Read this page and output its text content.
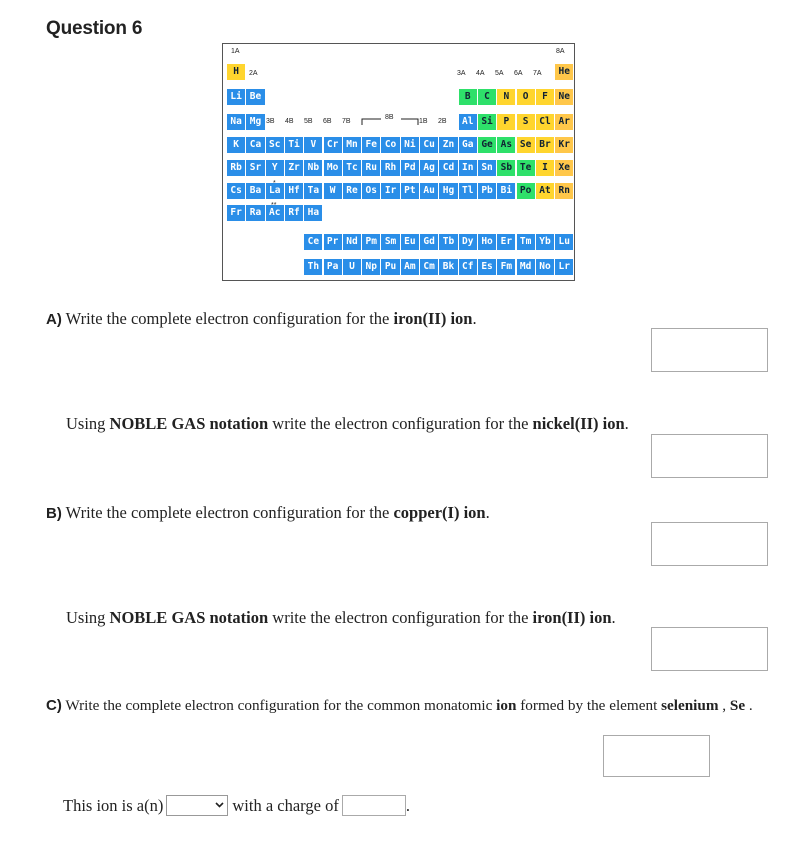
Question 6
H	He
Li Be	B	C	N	O	F	Ne
Na Mg	Al Si	P	S	Cl Ar
K	Ca Sc Ti	V	Cr Mn Fe Co Ni Cu Zn Ga Ge As Se Br Kr
Rb Sr	Y	Zr Nb Mo Tc Ru Rh Pd Ag Cd In Sn Sb Te	I	Xe
Cs Ba La Hf Ta	W	Re Os Ir Pt Au Hg Tl Pb Bi Po At Rn
Fr Ra Ac Rf Ha
Ce Pr Nd Pm Sm Eu Gd Tb Dy Ho Er Tm Yb Lu
Th Pa	U	Np Pu Am Cm Bk Cf Es Fm Md No Lr
1A	8A
2A	3A 4A 5A 6A 7A
3B 4B 5B 6B 7B
8B
1B 2B
*
**
A) Write the complete electron configuration for the iron(II) ion.
Using NOBLE GAS notation write the electron configuration for the nickel(II) ion.
B) Write the complete electron configuration for the copper(I) ion.
Using NOBLE GAS notation write the electron configuration for the iron(II) ion.
C) Write the complete electron configuration for the common monatomic ion formed by the element selenium , Se .
This ion is a(n)	with a charge of	.
